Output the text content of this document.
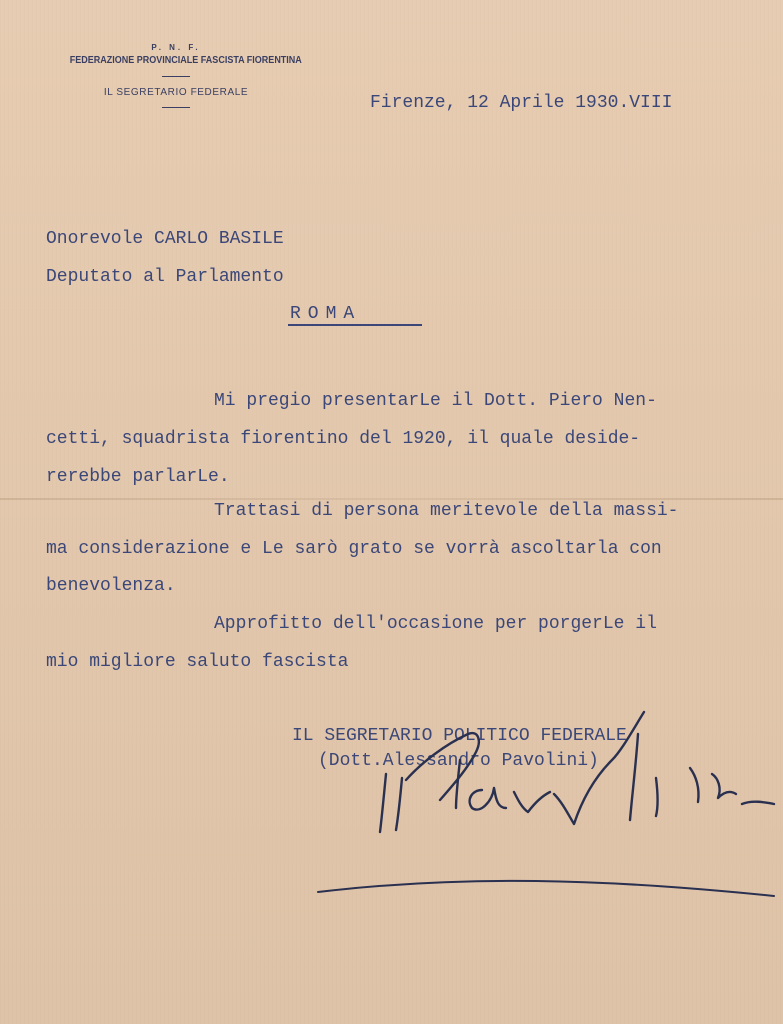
P. N. F.
FEDERAZIONE PROVINCIALE FASCISTA FIORENTINA
IL SEGRETARIO FEDERALE
Firenze, 12 Aprile 1930.VIII
Onorevole CARLO BASILE
Deputato al Parlamento
ROMA
Mi pregio presentarLe il Dott. Piero Nen-
cetti, squadrista fiorentino del 1920, il quale deside-
rerebbe parlarLe.
Trattasi di persona meritevole della massi-
ma considerazione e Le sarò grato se vorrà ascoltarla con
benevolenza.
Approfitto dell'occasione per porgerLe il
mio migliore saluto fascista
IL SEGRETARIO POLITICO FEDERALE
(Dott.Alessandro Pavolini)
